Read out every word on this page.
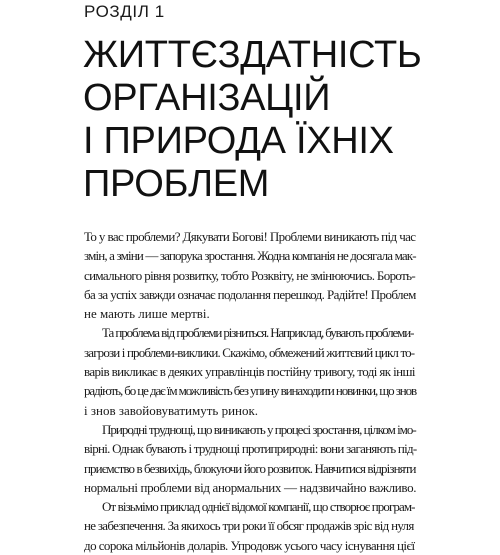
РОЗДІЛ 1
ЖИТТЄЗДАТНІСТЬ
ОРГАНІЗАЦІЙ
І ПРИРОДА ЇХНІХ
ПРОБЛЕМ
То у вас проблеми? Дякувати Богові! Проблеми виникають під час
змін, а зміни — запорука зростання. Жодна компанія не досягала мак-
симального рівня розвитку, тобто Розквіту, не змінюючись. Бороть-
ба за успіх завжди означає подолання перешкод. Радійте! Проблем
не мають лише мертві.
Та проблема від проблеми різниться. Наприклад, бувають проблеми-
загрози і проблеми-виклики. Скажімо, обмежений життєвий цикл то-
варів викликає в деяких управлінців постійну тривогу, тоді як інші
радіють, бо це дає їм можливість без упину винаходити новинки, що знов
і знов завойовуватимуть ринок.
Природні труднощі, що виникають у процесі зростання, цілком імо-
вірні. Однак бувають і труднощі протиприродні: вони заганяють під-
приємство в безвихідь, блокуючи його розвиток. Навчитися відрізняти
нормальні проблеми від анормальних — надзвичайно важливо.
От візьмімо приклад однієї відомої компанії, що створює програм-
не забезпечення. За якихось три роки її обсяг продажів зріс від нуля
до сорока мільйонів доларів. Упродовж усього часу існування цієї
